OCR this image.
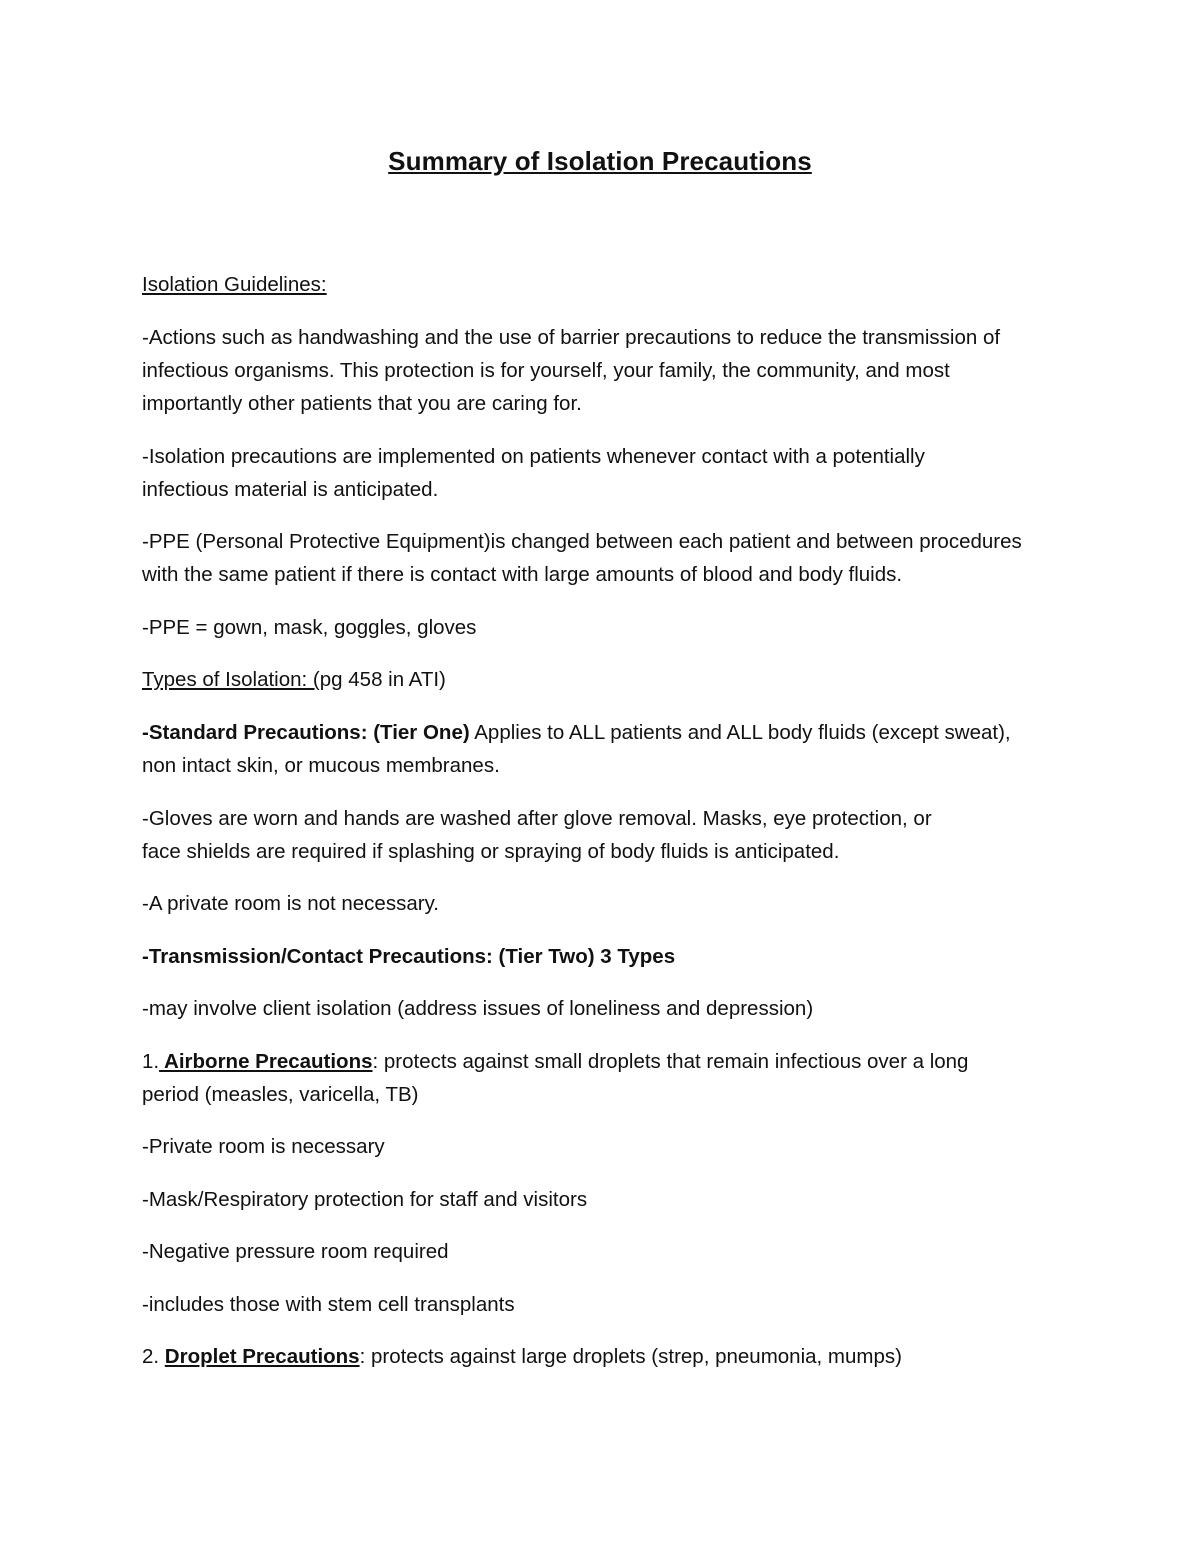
Summary of Isolation Precautions
Isolation Guidelines:
-Actions such as handwashing and the use of barrier precautions to reduce the transmission of
infectious organisms. This protection is for yourself, your family, the community, and most
importantly other patients that you are caring for.
-Isolation precautions are implemented on patients whenever contact with a potentially
infectious material is anticipated.
-PPE (Personal Protective Equipment)is changed between each patient and between procedures
with the same patient if there is contact with large amounts of blood and body fluids.
-PPE = gown, mask, goggles, gloves
Types of Isolation: (pg 458 in ATI)
-Standard Precautions: (Tier One) Applies to ALL patients and ALL body fluids (except sweat),
non intact skin, or mucous membranes.
-Gloves are worn and hands are washed after glove removal. Masks, eye protection, or
face shields are required if splashing or spraying of body fluids is anticipated.
-A private room is not necessary.
-Transmission/Contact Precautions: (Tier Two) 3 Types
-may involve client isolation (address issues of loneliness and depression)
1. Airborne Precautions: protects against small droplets that remain infectious over a long
period (measles, varicella, TB)
-Private room is necessary
-Mask/Respiratory protection for staff and visitors
-Negative pressure room required
-includes those with stem cell transplants
2. Droplet Precautions: protects against large droplets (strep, pneumonia, mumps)
